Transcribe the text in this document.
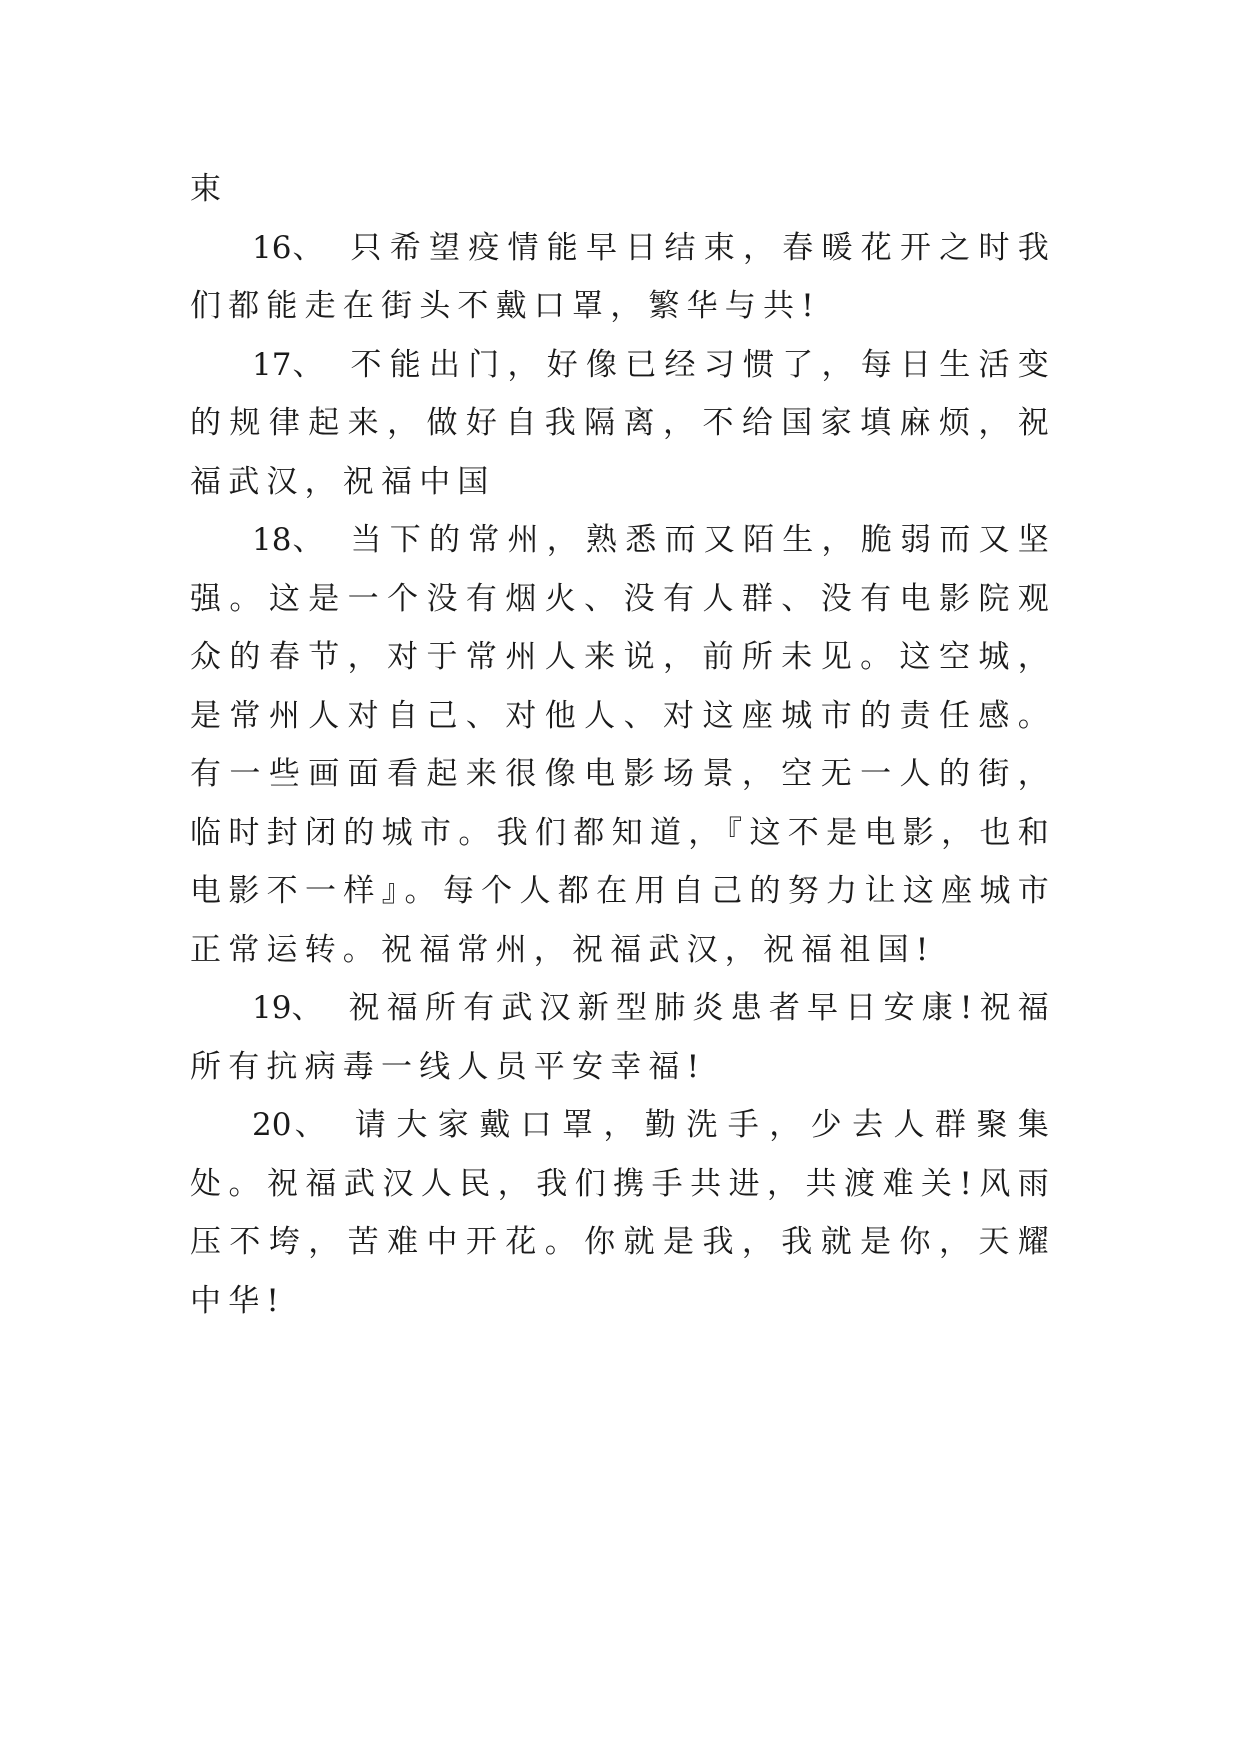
束

16、 只希望疫情能早日结束，春暖花开之时我们都能走在街头不戴口罩，繁华与共!

17、 不能出门，好像已经习惯了，每日生活变的规律起来，做好自我隔离，不给国家填麻烦，祝福武汉，祝福中国

18、 当下的常州，熟悉而又陌生，脆弱而又坚强。这是一个没有烟火、没有人群、没有电影院观众的春节，对于常州人来说，前所未见。这空城，是常州人对自己、对他人、对这座城市的责任感。有一些画面看起来很像电影场景，空无一人的街，临时封闭的城市。我们都知道，『这不是电影，也和电影不一样』。每个人都在用自己的努力让这座城市正常运转。祝福常州，祝福武汉，祝福祖国!

19、 祝福所有武汉新型肺炎患者早日安康!祝福所有抗病毒一线人员平安幸福!

20、 请大家戴口罩，勤洗手，少去人群聚集处。祝福武汉人民，我们携手共进，共渡难关!风雨压不垮，苦难中开花。你就是我，我就是你，天耀中华!
